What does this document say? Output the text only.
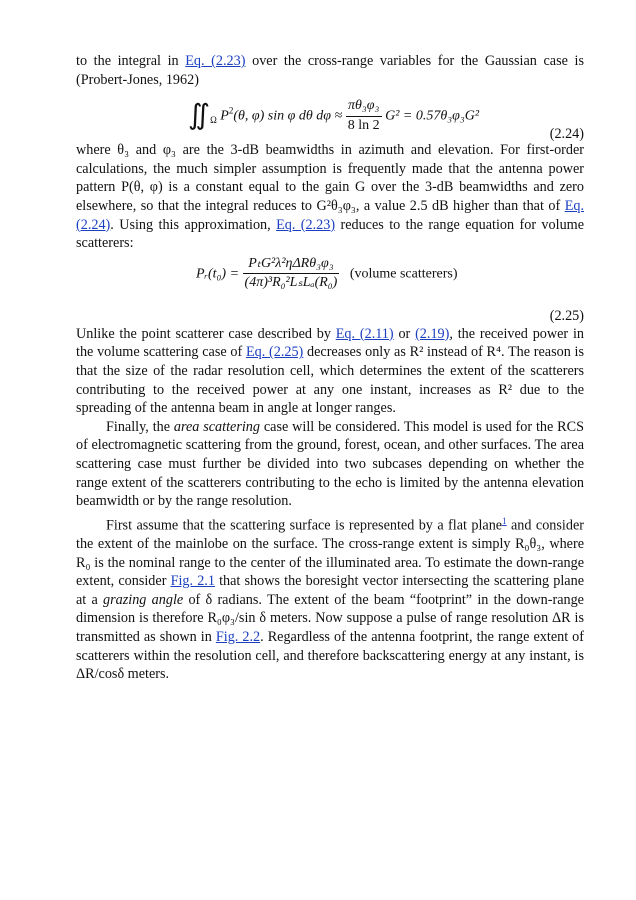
to the integral in Eq. (2.23) over the cross-range variables for the Gaussian case is (Probert-Jones, 1962)

$∬_\Omega$ $P^2(\theta$, φ) sin φ dθ $d\varphi \approx \frac{\text{πθ₃φ₃}}{8 \ln 2} G^2 = 0.57\theta_3\varphi_3G^2$
(2.24)

where θ₃ and φ₃ are the 3-dB beamwidths in azimuth and elevation. For first-order calculations, the much simpler assumption is frequently made that the antenna power pattern P(θ, φ) is a constant equal to the gain G over the 3-dB beamwidths and zero elsewhere, so that the integral reduces to G²θ₃φ₃, a value 2.5 dB higher than that of Eq. (2.24). Using this approximation, Eq. (2.23) reduces to the range equation for volume scatterers:

Pᵣ(t₀) = $\frac{\text{PₜG²λ²ηΔRθ₃φ₃}}{\text{(4π)³R₀²LₛLₐ(R₀)}}$ (volume scatterers)
(2.25)

Unlike the point scatterer case described by Eq. (2.11) or (2.19), the received power in the volume scattering case of Eq. (2.25) decreases only as R² instead of R⁴. The reason is that the size of the radar resolution cell, which determines the extent of the scatterers contributing to the received power at any one instant, increases as R² due to the spreading of the antenna beam in angle at longer ranges.

Finally, the area scattering case will be considered. This model is used for the RCS of electromagnetic scattering from the ground, forest, ocean, and other surfaces. The area scattering case must further be divided into two subcases depending on whether the range extent of the scatterers contributing to the echo is limited by the antenna elevation beamwidth or by the range resolution.

First assume that the scattering surface is represented by a flat plane$^1$ and consider the extent of the mainlobe on the surface. The cross-range extent is simply R₀θ₃, where R₀ is the nominal range to the center of the illuminated area. To estimate the down-range extent, consider Fig. 2.1 that shows the boresight vector intersecting the scattering plane at a grazing angle of δ radians. The extent of the beam “footprint” in the down-range dimension is therefore R₀φ₃/sin δ meters. Now suppose a pulse of range resolution ΔR is transmitted as shown in Fig. 2.2. Regardless of the antenna footprint, the range extent of scatterers within the resolution cell, and therefore backscattering energy at any instant, is ΔR/cosδ meters.
